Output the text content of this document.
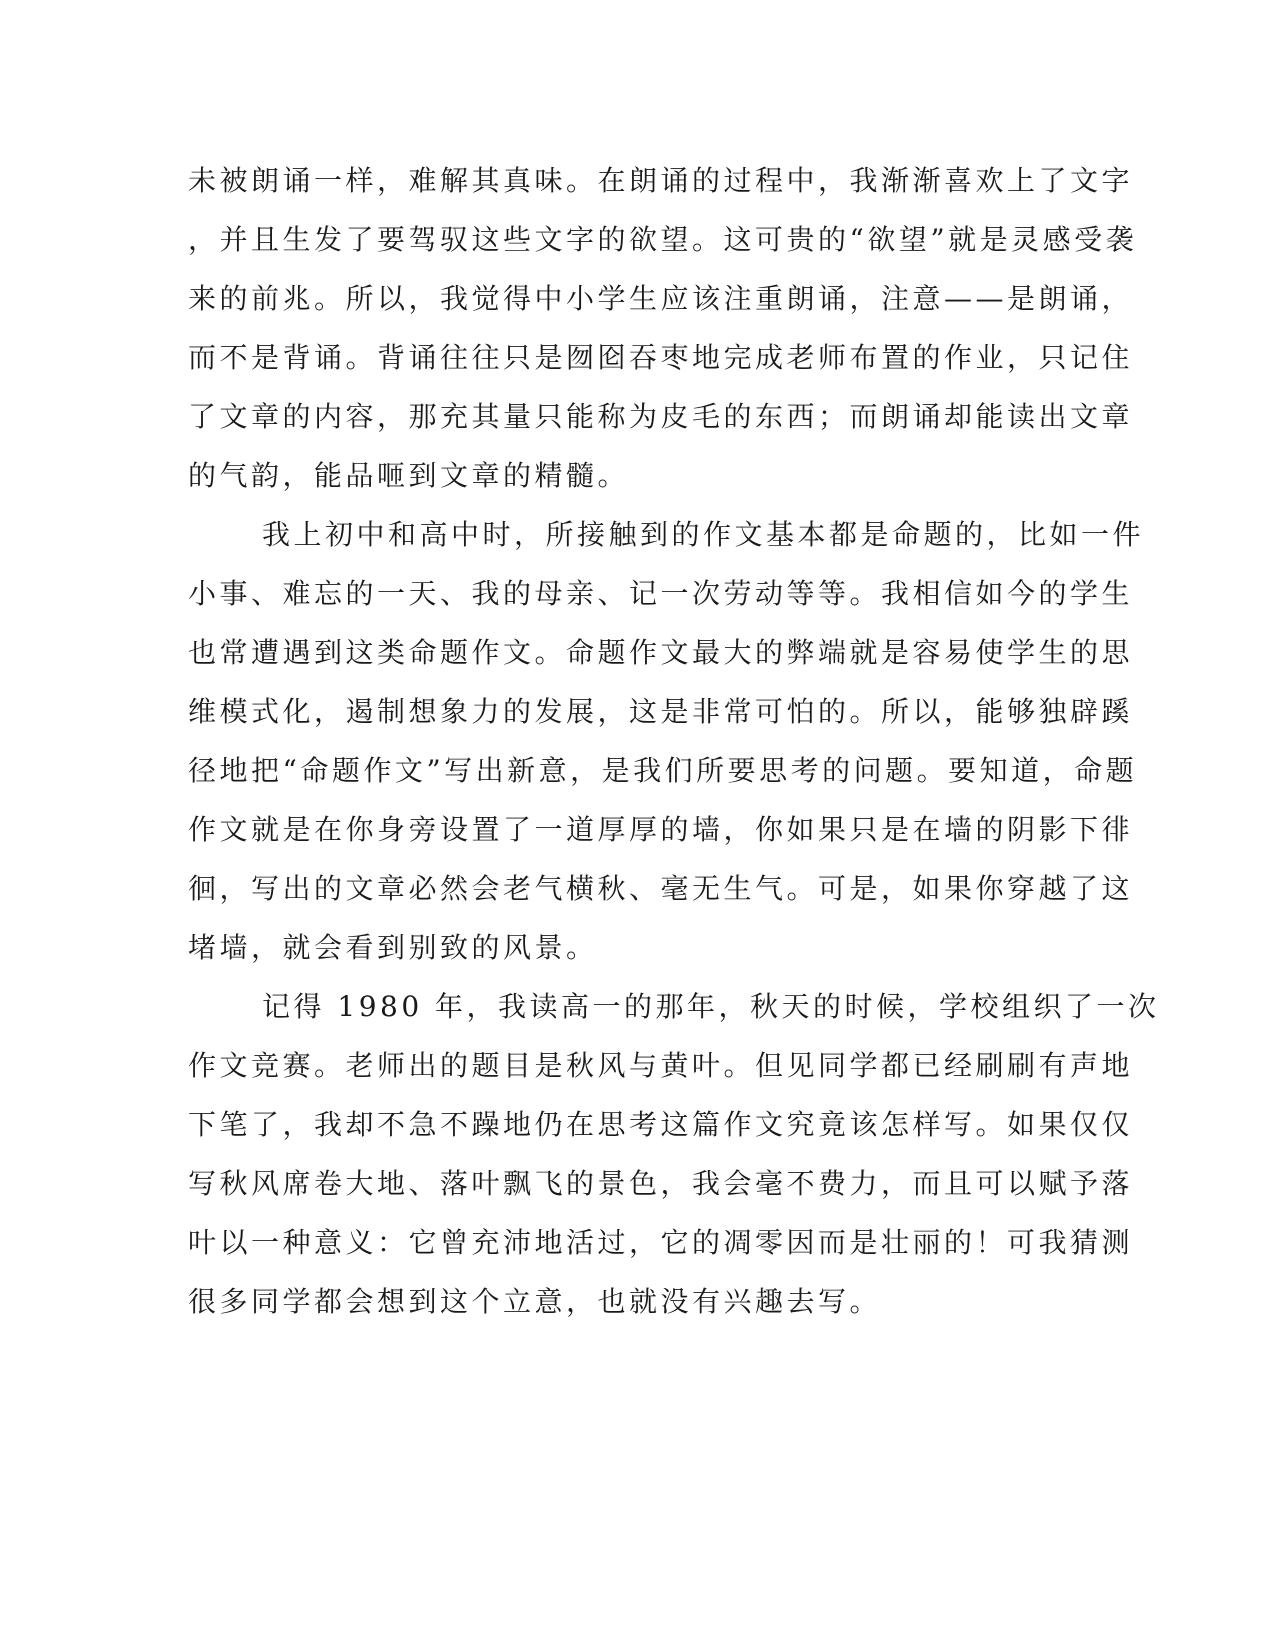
未被朗诵一样，难解其真味。在朗诵的过程中，我渐渐喜欢上了文字
，并且生发了要驾驭这些文字的欲望。这可贵的“欲望”就是灵感受袭
来的前兆。所以，我觉得中小学生应该注重朗诵，注意——是朗诵，
而不是背诵。背诵往往只是囫囵吞枣地完成老师布置的作业，只记住
了文章的内容，那充其量只能称为皮毛的东西；而朗诵却能读出文章
的气韵，能品咂到文章的精髓。
我上初中和高中时，所接触到的作文基本都是命题的，比如一件
小事、难忘的一天、我的母亲、记一次劳动等等。我相信如今的学生
也常遭遇到这类命题作文。命题作文最大的弊端就是容易使学生的思
维模式化，遏制想象力的发展，这是非常可怕的。所以，能够独辟蹊
径地把“命题作文”写出新意，是我们所要思考的问题。要知道，命题
作文就是在你身旁设置了一道厚厚的墙，你如果只是在墙的阴影下徘
徊，写出的文章必然会老气横秋、毫无生气。可是，如果你穿越了这
堵墙，就会看到别致的风景。
记得 1980 年，我读高一的那年，秋天的时候，学校组织了一次
作文竞赛。老师出的题目是秋风与黄叶。但见同学都已经刷刷有声地
下笔了，我却不急不躁地仍在思考这篇作文究竟该怎样写。如果仅仅
写秋风席卷大地、落叶飘飞的景色，我会毫不费力，而且可以赋予落
叶以一种意义：它曾充沛地活过，它的凋零因而是壮丽的！可我猜测
很多同学都会想到这个立意，也就没有兴趣去写。
